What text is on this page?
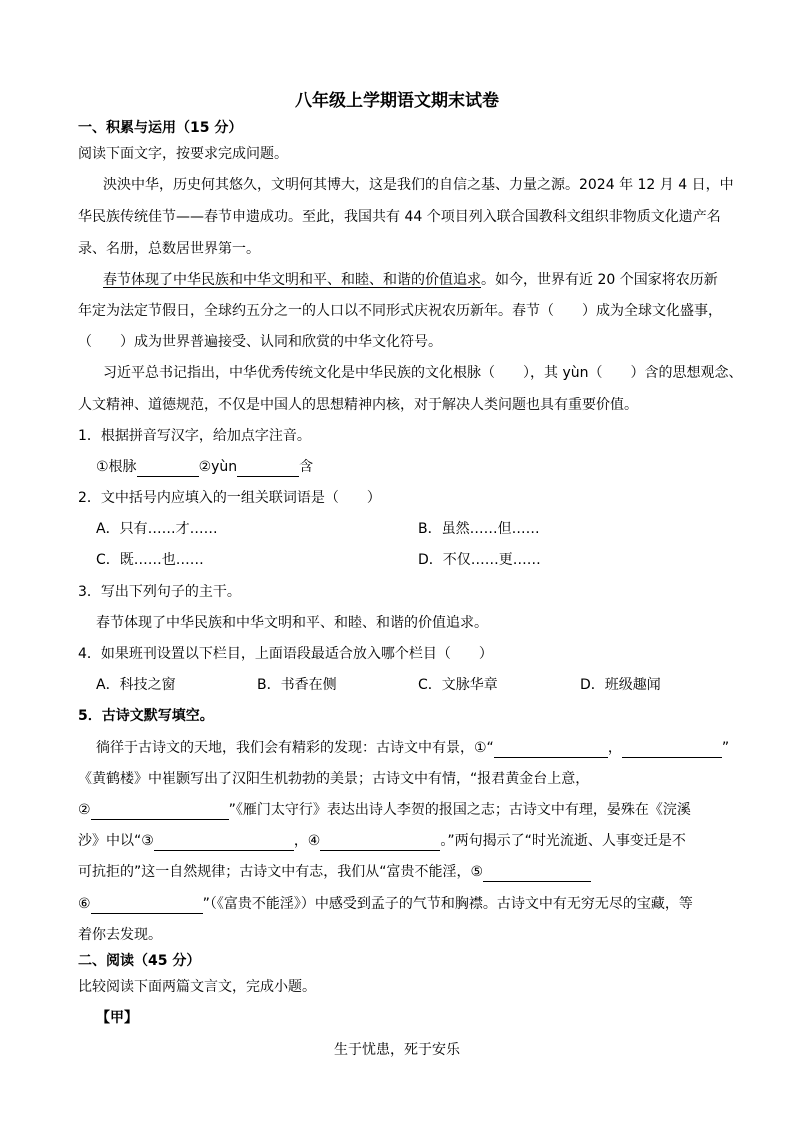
八年级上学期语文期末试卷
一、积累与运用（15 分）
阅读下面文字，按要求完成问题。
泱泱中华，历史何其悠久，文明何其博大，这是我们的自信之基、力量之源。2024 年 12 月 4 日，中
华民族传统佳节——春节申遗成功。至此，我国共有 44 个项目列入联合国教科文组织非物质文化遗产名
录、名册，总数居世界第一。
春节体现了中华民族和中华文明和平、和睦、和谐的价值追求。如今，世界有近 20 个国家将农历新
年定为法定节假日，全球约五分之一的人口以不同形式庆祝农历新年。春节（　　）成为全球文化盛事，
（　　）成为世界普遍接受、认同和欣赏的中华文化符号。
习近平总书记指出，中华优秀传统文化是中华民族的文化根脉（　　），其 yùn（　　）含的思想观念、
人文精神、道德规范，不仅是中国人的思想精神内核，对于解决人类问题也具有重要价值。
1．根据拼音写汉字，给加点字注音。
①根脉	②yùn	含
2．文中括号内应填入的一组关联词语是（　　）
A．只有……才……	B．虽然……但……
C．既……也……	D．不仅……更……
3．写出下列句子的主干。
春节体现了中华民族和中华文明和平、和睦、和谐的价值追求。
4．如果班刊设置以下栏目，上面语段最适合放入哪个栏目（　　）
A．科技之窗	B．书香在侧	C．文脉华章	D．班级趣闻
5．古诗文默写填空。
徜徉于古诗文的天地，我们会有精彩的发现：古诗文中有景，①“	，	”
《黄鹤楼》中崔颢写出了汉阳生机勃勃的美景；古诗文中有情，“报君黄金台上意，
②	”《雁门太守行》表达出诗人李贺的报国之志；古诗文中有理，晏殊在《浣溪
沙》中以“③	，④	。”两句揭示了“时光流逝、人事变迁是不
可抗拒的”这一自然规律；古诗文中有志，我们从“富贵不能淫，⑤
⑥	”（《富贵不能淫》）中感受到孟子的气节和胸襟。古诗文中有无穷无尽的宝藏，等
着你去发现。
二、阅读（45 分）
比较阅读下面两篇文言文，完成小题。
【甲】
生于忧患，死于安乐
